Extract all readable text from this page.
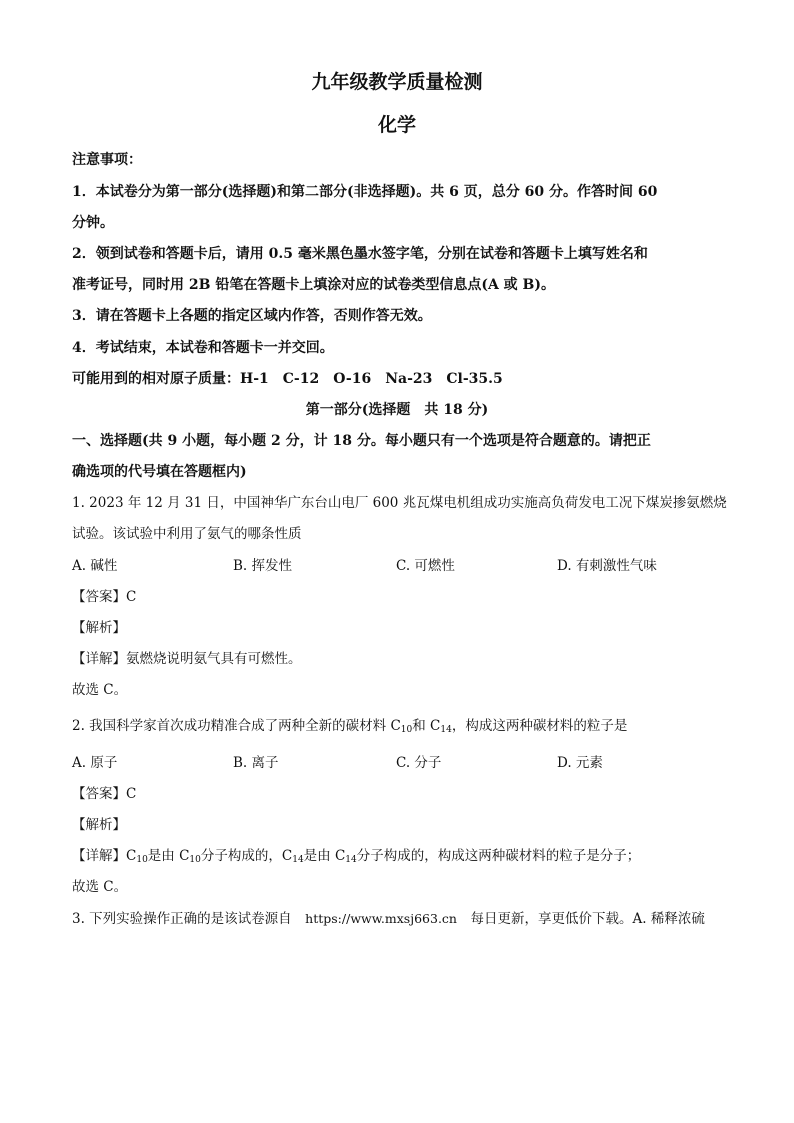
九年级教学质量检测
化学
注意事项：
1．本试卷分为第一部分(选择题)和第二部分(非选择题)。共 6 页，总分 60 分。作答时间 60
分钟。
2．领到试卷和答题卡后，请用 0.5 毫米黑色墨水签字笔，分别在试卷和答题卡上填写姓名和
准考证号，同时用 2B 铅笔在答题卡上填涂对应的试卷类型信息点(A 或 B)。
3．请在答题卡上各题的指定区域内作答，否则作答无效。
4．考试结束，本试卷和答题卡一并交回。
可能用到的相对原子质量：H-1　C-12　O-16　Na-23　Cl-35.5
第一部分(选择题　共 18 分)
一、选择题(共 9 小题，每小题 2 分，计 18 分。每小题只有一个选项是符合题意的。请把正
确选项的代号填在答题框内)
1. 2023 年 12 月 31 日，中国神华广东台山电厂 600 兆瓦煤电机组成功实施高负荷发电工况下煤炭掺氨燃烧
试验。该试验中利用了氨气的哪条性质
A. 碱性	B. 挥发性	C. 可燃性	D. 有刺激性气味
【答案】C
【解析】
【详解】氨燃烧说明氨气具有可燃性。
故选 C。
2. 我国科学家首次成功精准合成了两种全新的碳材料 $C_{10}$和 $C_{14}$，构成这两种碳材料的粒子是
A. 原子	B. 离子	C. 分子	D. 元素
【答案】C
【解析】
【详解】$C_{10}$是由 $C_{10}$分子构成的，$C_{14}$是由 $C_{14}$分子构成的，构成这两种碳材料的粒子是分子；
故选 C。
3. 下列实验操作正确的是该试卷源自　https://www.mxsj663.cn　每日更新，享更低价下载。A. 稀释浓硫
